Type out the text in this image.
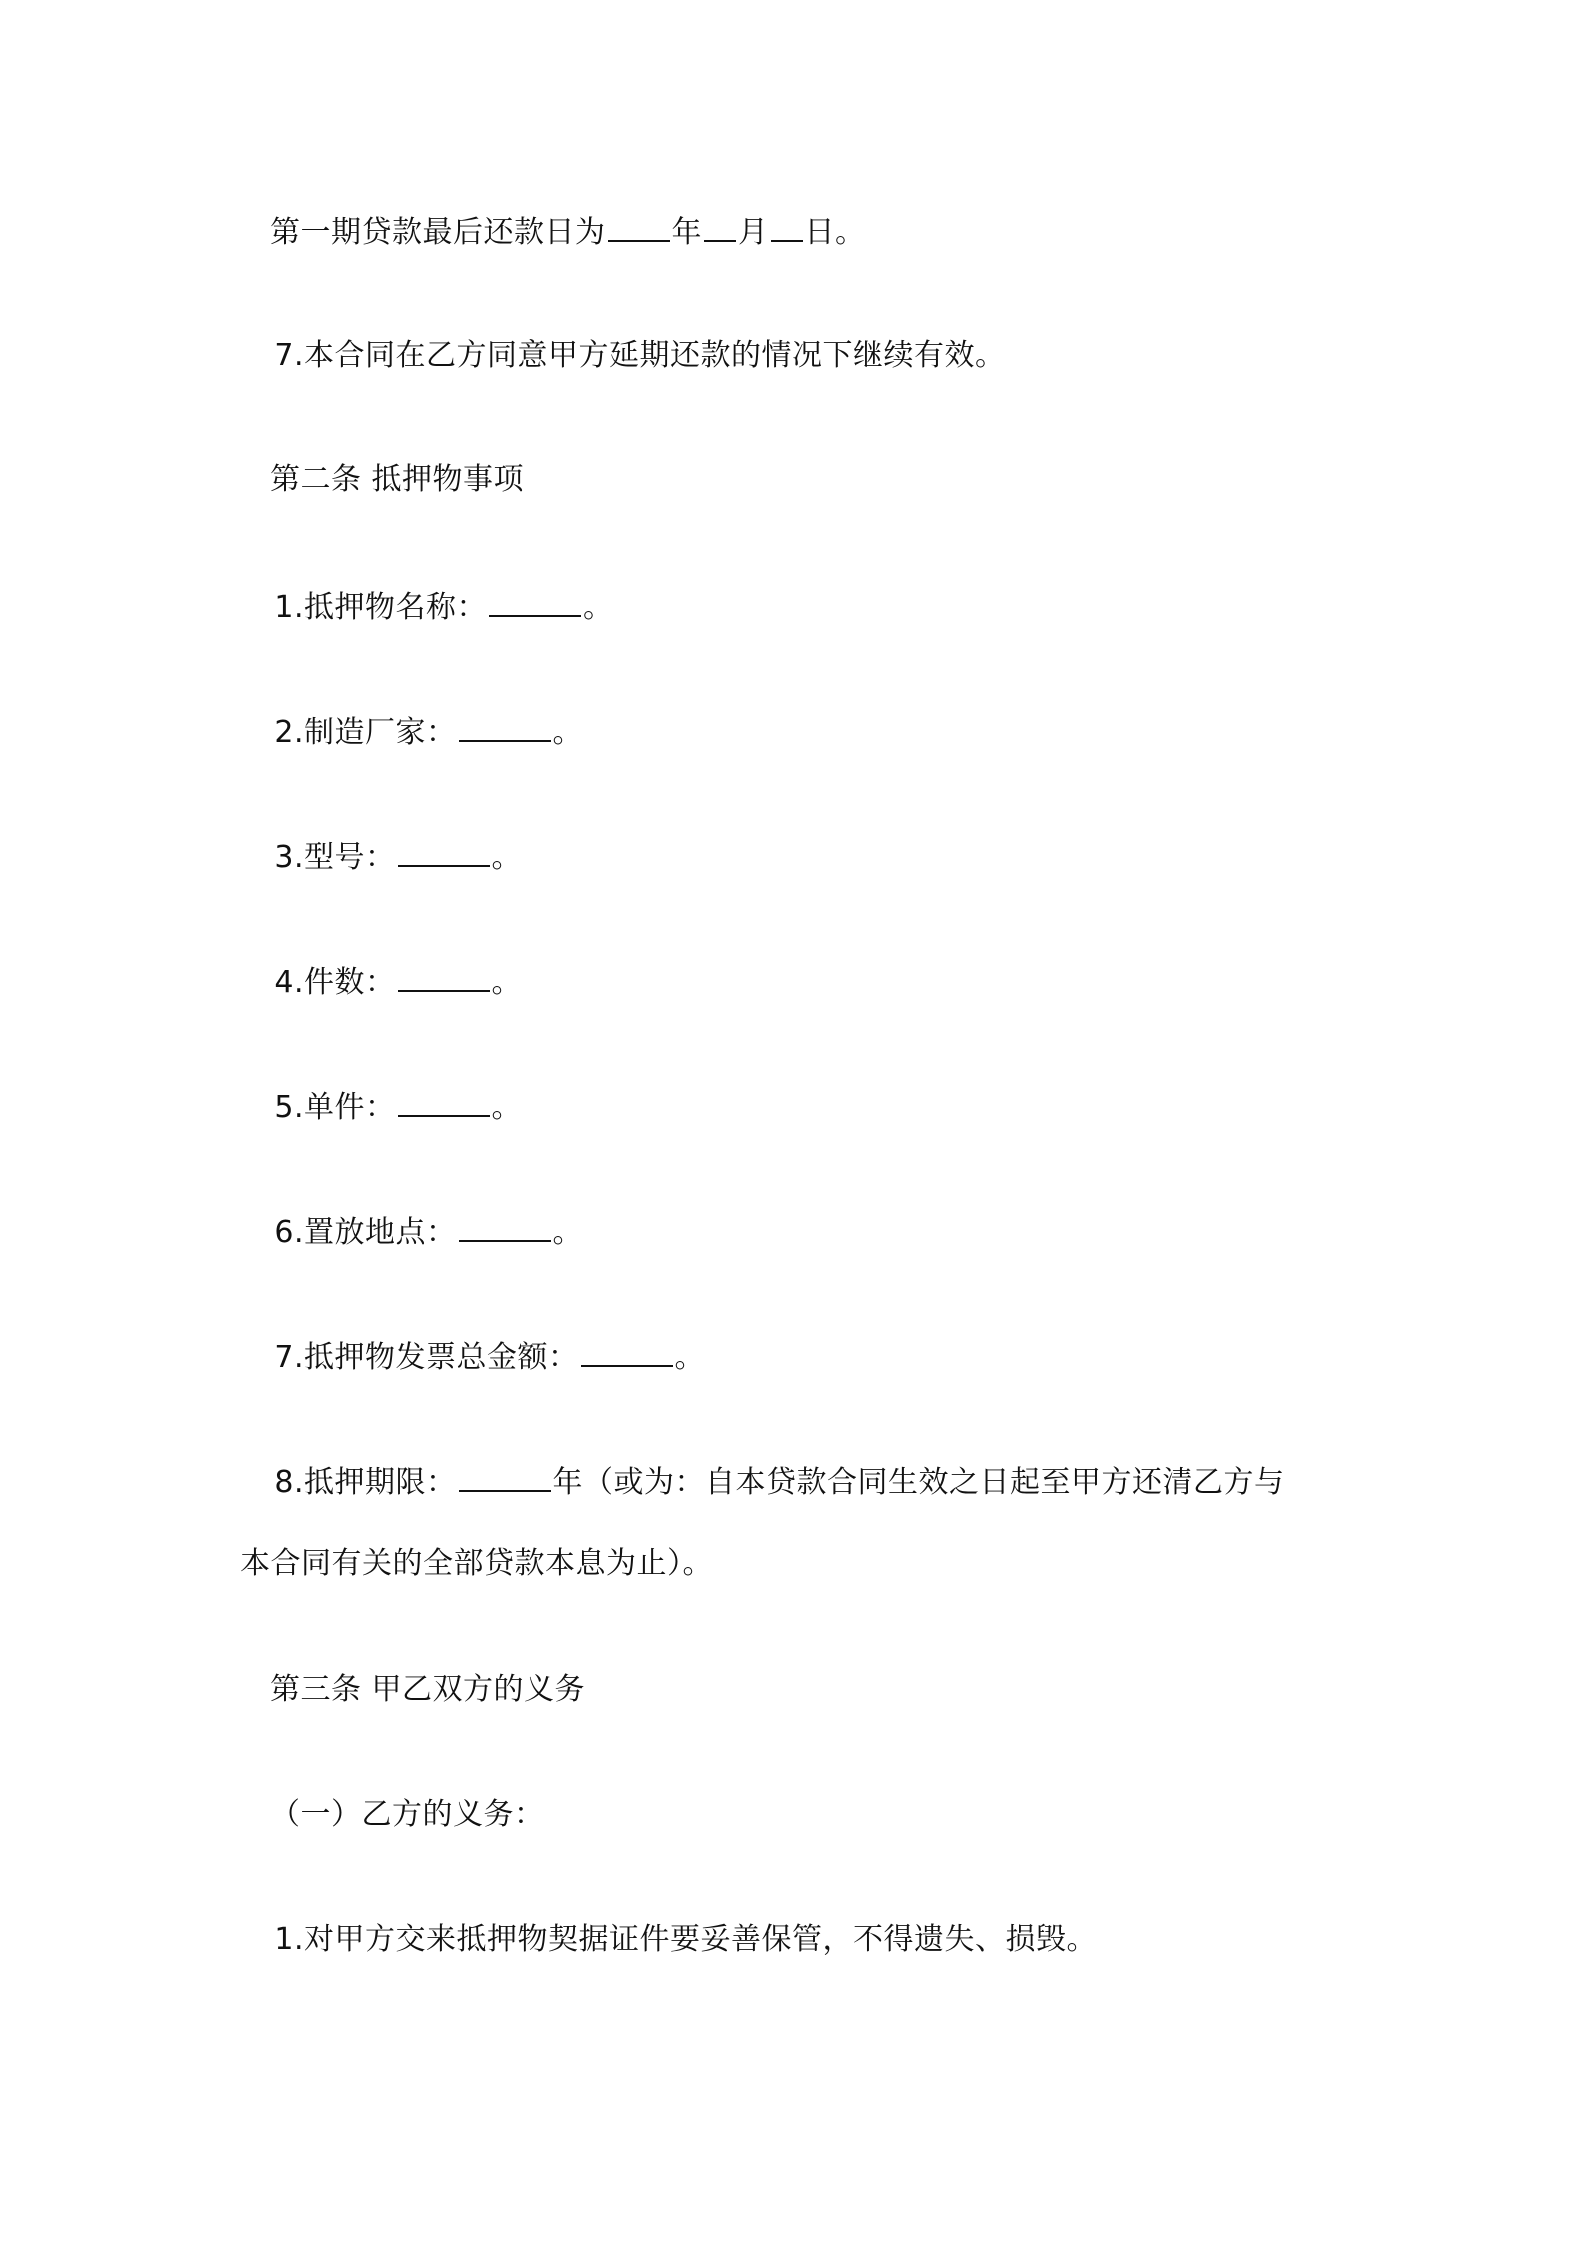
第一期贷款最后还款日为 年 月 日。
7.本合同在乙方同意甲方延期还款的情况下继续有效。
第二条 抵押物事项
1.抵押物名称：	。
2.制造厂家：	。
3.型号：	。
4.件数：	。
5.单件：	。
6.置放地点：	。
7.抵押物发票总金额：	。
8.抵押期限：	年（或为：自本贷款合同生效之日起至甲方还清乙方与
本合同有关的全部贷款本息为止）。
第三条 甲乙双方的义务
（一）乙方的义务：
1.对甲方交来抵押物契据证件要妥善保管，不得遗失、损毁。
